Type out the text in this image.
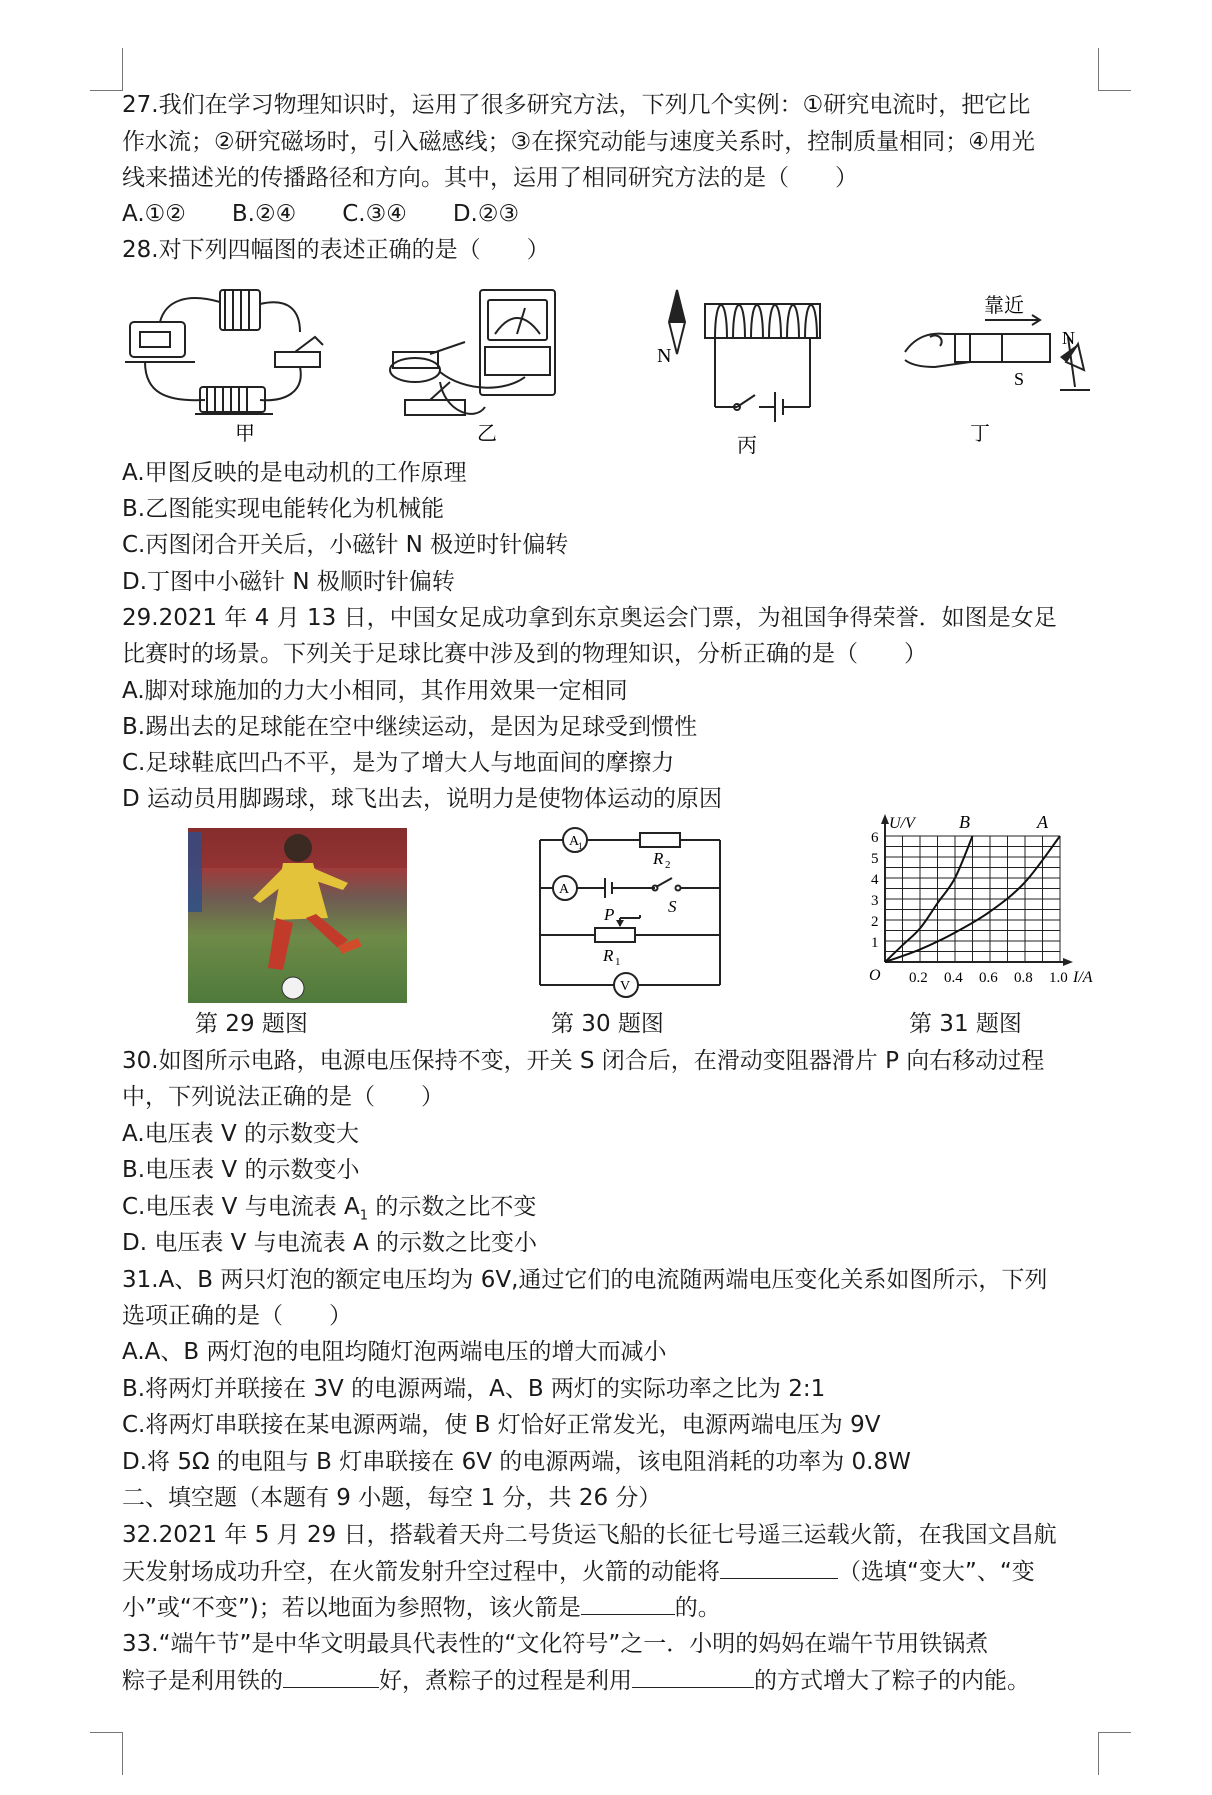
27.我们在学习物理知识时，运用了很多研究方法，下列几个实例：①研究电流时，把它比
作水流；②研究磁场时，引入磁感线；③在探究动能与速度关系时，控制质量相同；④用光
线来描述光的传播路径和方向。其中，运用了相同研究方法的是（　　）
A.①②　　B.②④　　C.③④　　D.②③
28.对下列四幅图的表述正确的是（　　）
甲	乙
N
丙
靠近
N
S
丁
A.甲图反映的是电动机的工作原理
B.乙图能实现电能转化为机械能
C.丙图闭合开关后，小磁针 N 极逆时针偏转
D.丁图中小磁针 N 极顺时针偏转
29.2021 年 4 月 13 日，中国女足成功拿到东京奥运会门票，为祖国争得荣誉．如图是女足
比赛时的场景。下列关于足球比赛中涉及到的物理知识，分析正确的是（　　）
A.脚对球施加的力大小相同，其作用效果一定相同
B.踢出去的足球能在空中继续运动，是因为足球受到惯性
C.足球鞋底凹凸不平，是为了增大人与地面间的摩擦力
D 运动员用脚踢球，球飞出去，说明力是使物体运动的原因
A
1
R 2
A
S
P
R 1
V
1
2
3
4
5
6
0.2 0.4 0.6 0.8 1.0
U/V
I/A
O
B	A
第 29 题图	第 30 题图	第 31 题图
30.如图所示电路，电源电压保持不变，开关 S 闭合后，在滑动变阻器滑片 P 向右移动过程
中，下列说法正确的是（　　）
A.电压表 V 的示数变大
B.电压表 V 的示数变小
C.电压表 V 与电流表 $A_1$ 的示数之比不变
D. 电压表 V 与电流表 A 的示数之比变小
31.A、B 两只灯泡的额定电压均为 6V,通过它们的电流随两端电压变化关系如图所示，下列
选项正确的是（　　）
A.A、B 两灯泡的电阻均随灯泡两端电压的增大而减小
B.将两灯并联接在 3V 的电源两端，A、B 两灯的实际功率之比为 2:1
C.将两灯串联接在某电源两端，使 B 灯恰好正常发光，电源两端电压为 9V
D.将 5Ω 的电阻与 B 灯串联接在 6V 的电源两端，该电阻消耗的功率为 0.8W
二、填空题（本题有 9 小题，每空 1 分，共 26 分）
32.2021 年 5 月 29 日，搭载着天舟二号货运飞船的长征七号遥三运载火箭，在我国文昌航
天发射场成功升空，在火箭发射升空过程中，火箭的动能将	（选填“变大”、“变
小”或“不变”)；若以地面为参照物，该火箭是	的。
33.“端午节”是中华文明最具代表性的“文化符号”之一．小明的妈妈在端午节用铁锅煮
粽子是利用铁的	好，煮粽子的过程是利用	的方式增大了粽子的内能。
